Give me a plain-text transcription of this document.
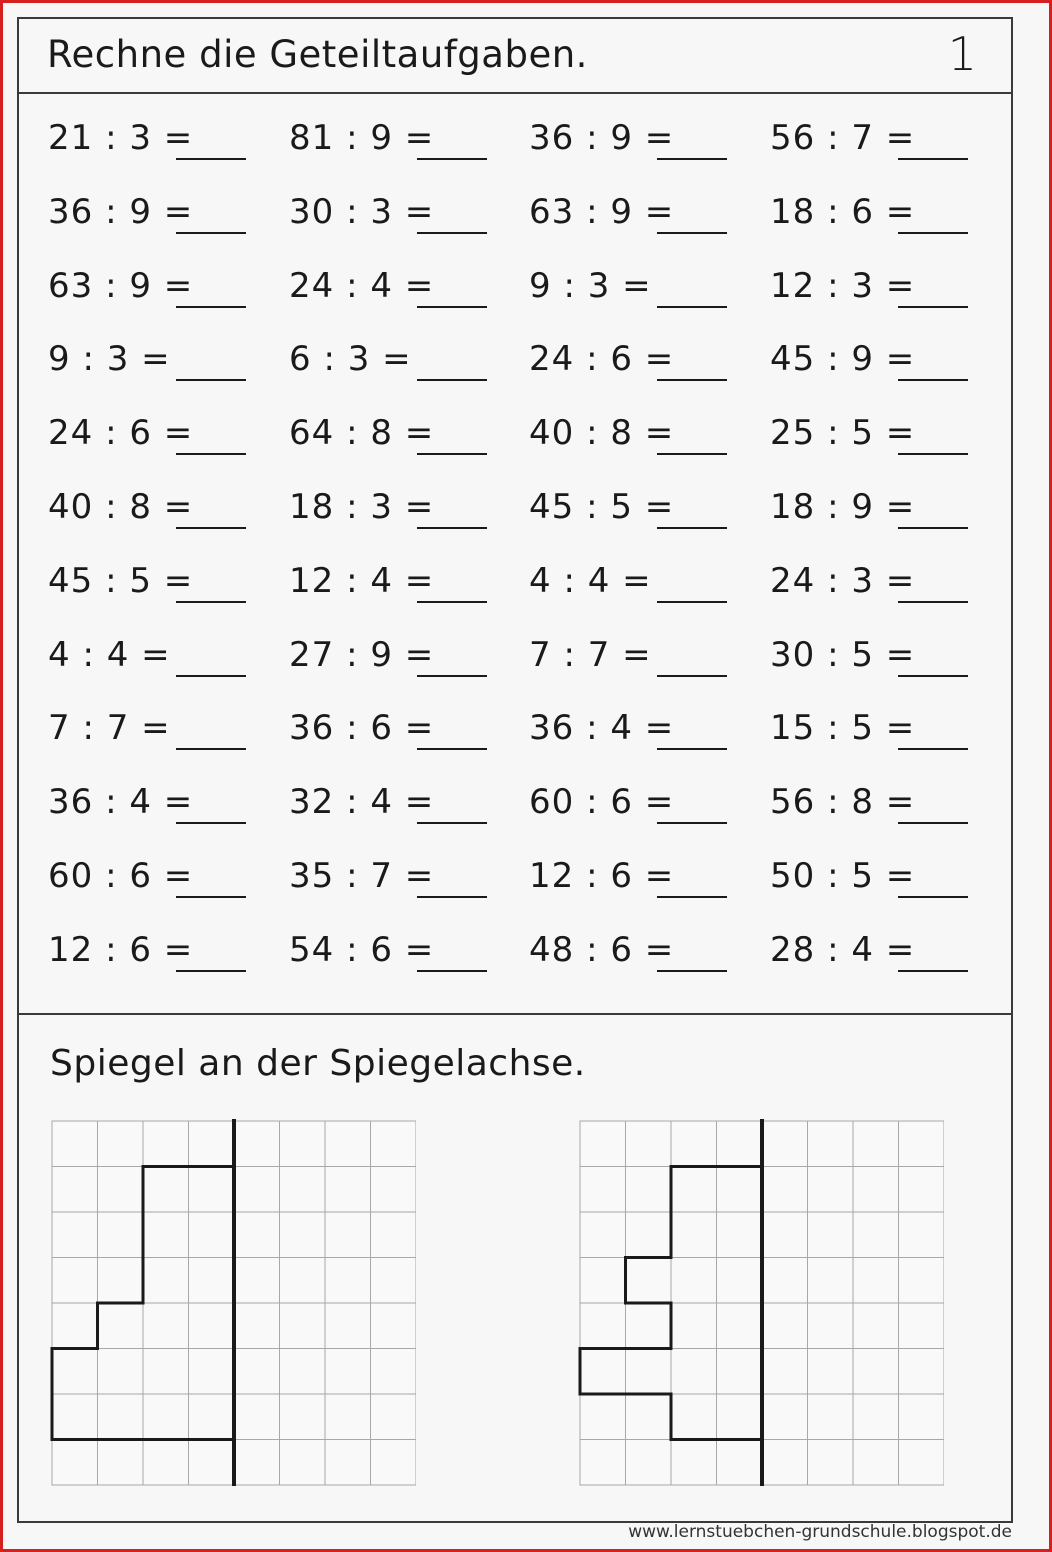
Rechne die Geteiltaufgaben.	1
21 : 3 =
36 : 9 =
63 : 9 =
9 : 3 =
24 : 6 =
40 : 8 =
45 : 5 =
4 : 4 =
7 : 7 =
36 : 4 =
60 : 6 =
12 : 6 =
81 : 9 =
30 : 3 =
24 : 4 =
6 : 3 =
64 : 8 =
18 : 3 =
12 : 4 =
27 : 9 =
36 : 6 =
32 : 4 =
35 : 7 =
54 : 6 =
36 : 9 =
63 : 9 =
9 : 3 =
24 : 6 =
40 : 8 =
45 : 5 =
4 : 4 =
7 : 7 =
36 : 4 =
60 : 6 =
12 : 6 =
48 : 6 =
56 : 7 =
18 : 6 =
12 : 3 =
45 : 9 =
25 : 5 =
18 : 9 =
24 : 3 =
30 : 5 =
15 : 5 =
56 : 8 =
50 : 5 =
28 : 4 =
Spiegel an der Spiegelachse.
www.lernstuebchen-grundschule.blogspot.de
